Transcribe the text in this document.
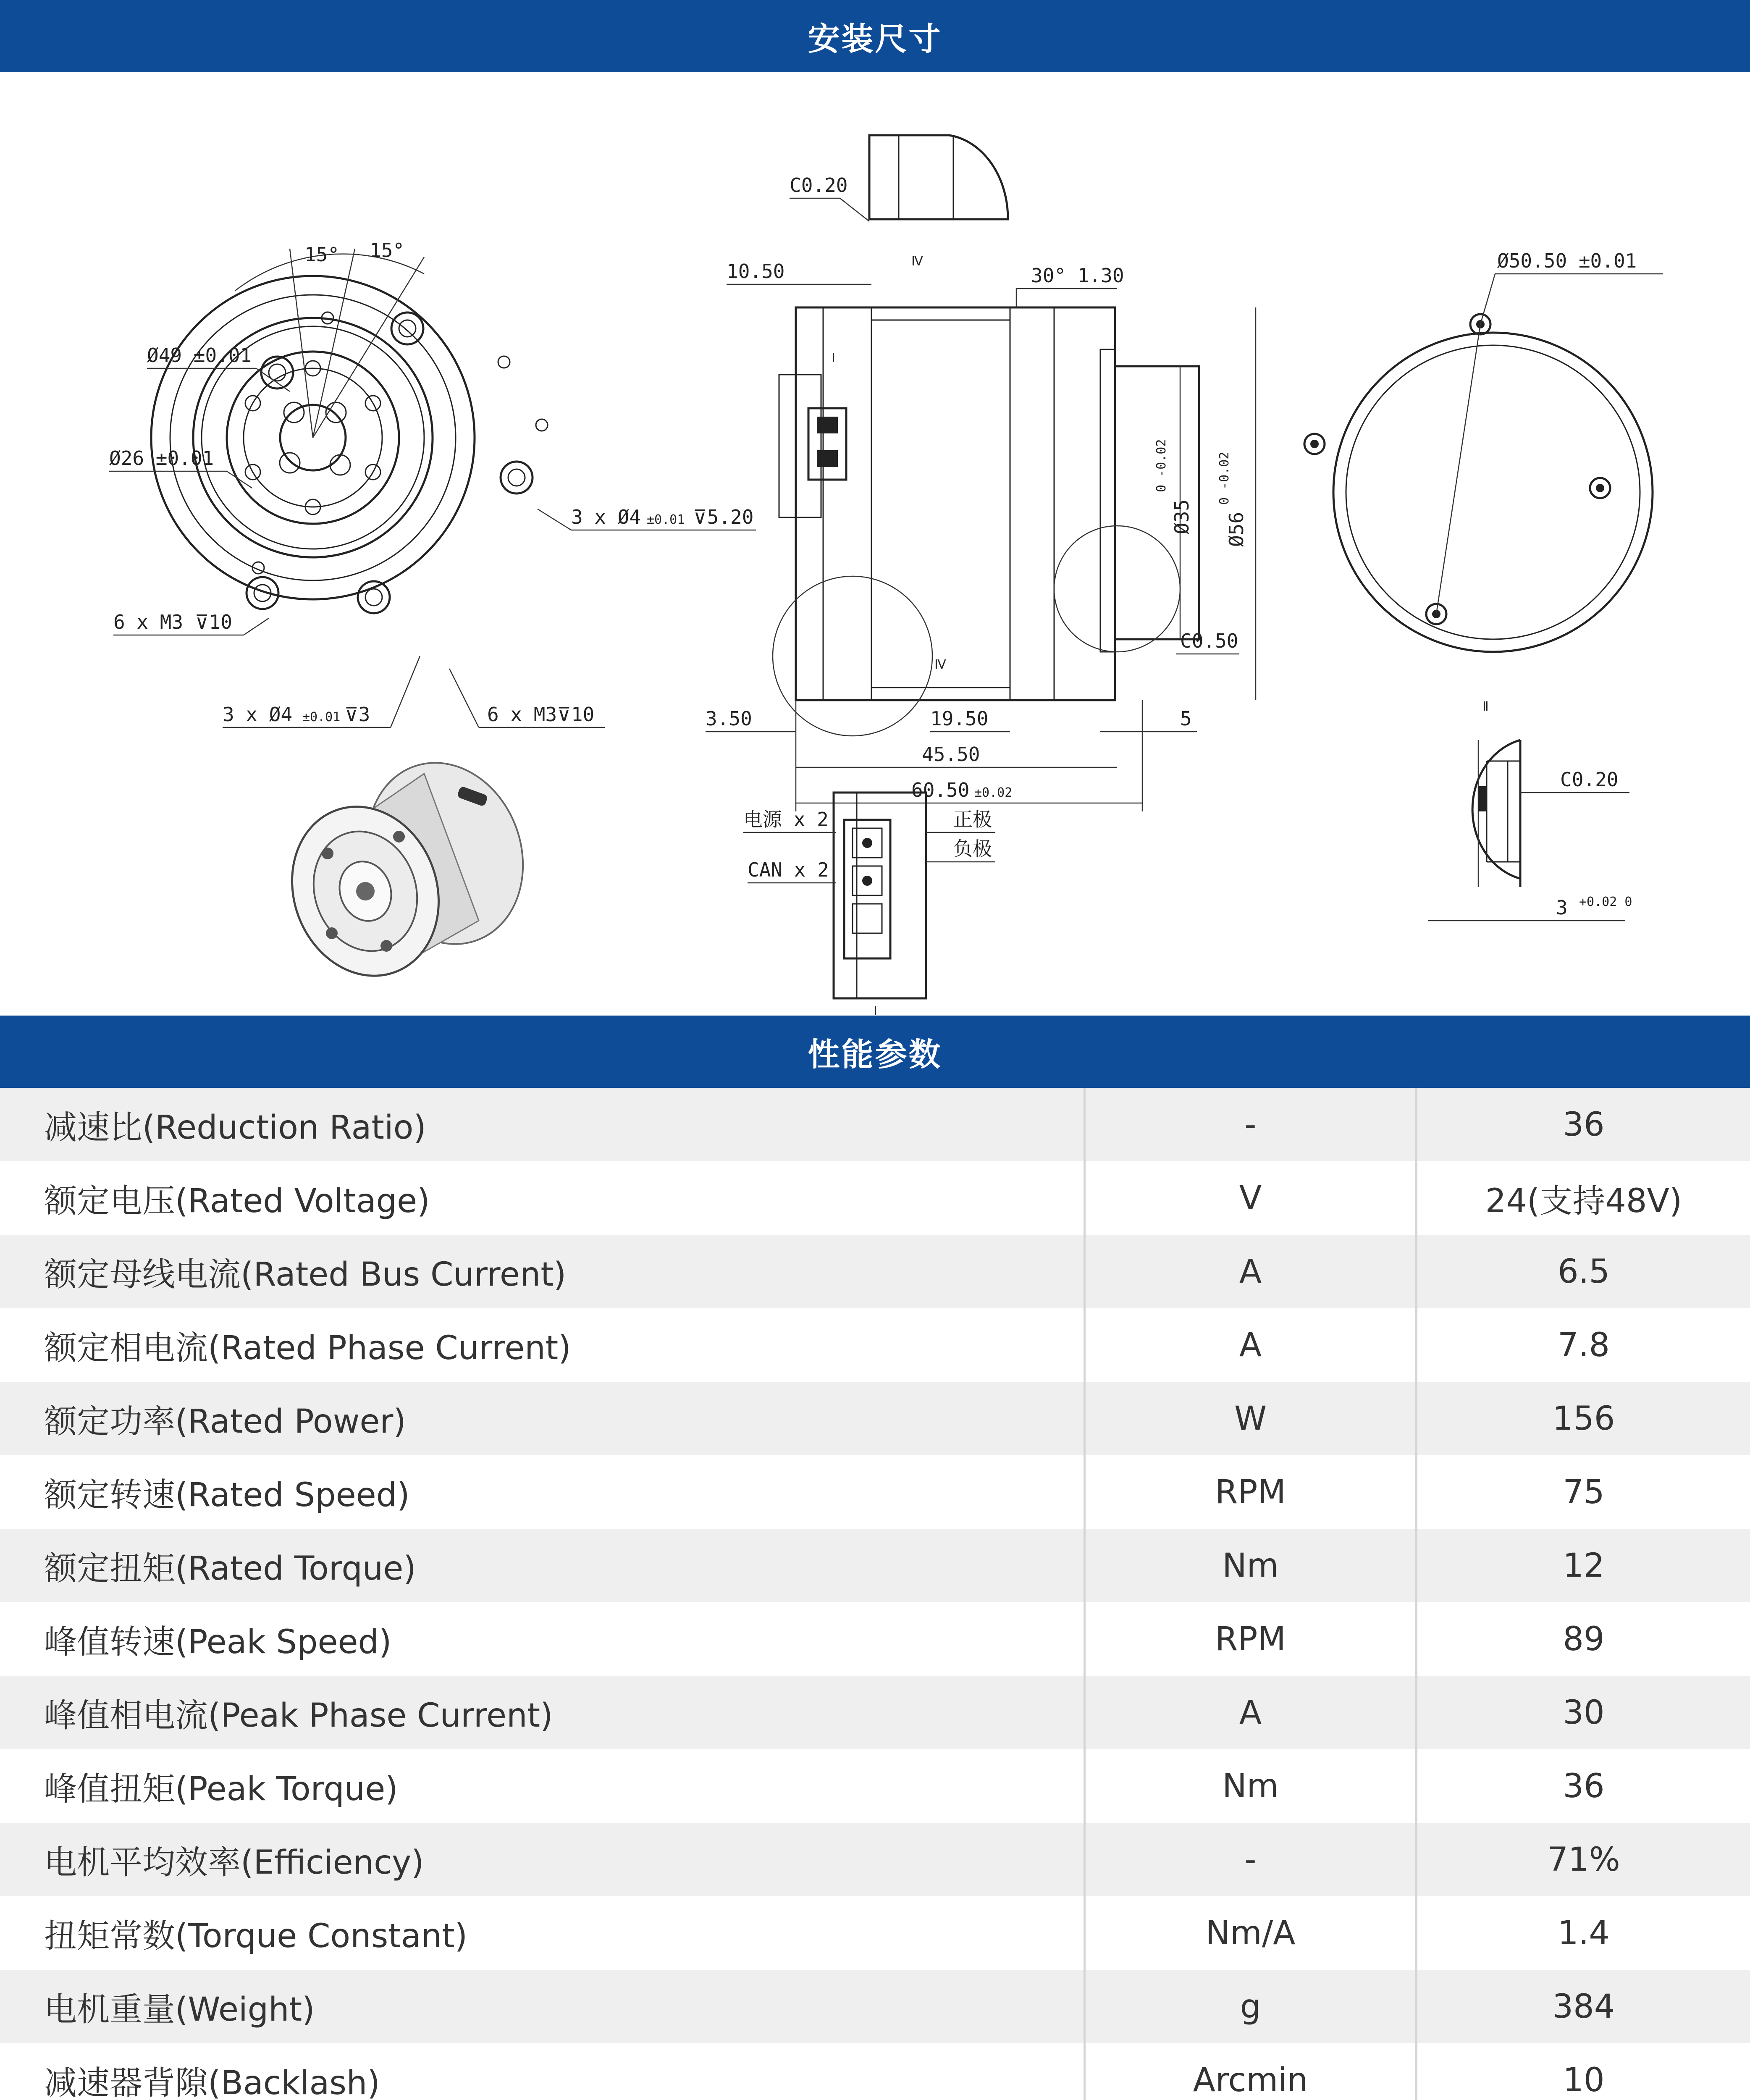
安装尺寸
15° 15°
Ø49 ±0.01
Ø26 ±0.01
6 x M3 ⊽10
3 x Ø4 ±0.01 ⊽5.20
3 x Ø4 ±0.01 ⊽3	6 x M3⊽10
C0.20
10.50	Ⅳ
Ⅰ
30° 1.30
Ø35
0 -0.02
Ø56
0 -0.02
C0.50
Ⅳ
3.50	19.50	5
45.50
60.50 ±0.02
电源 x 2
CAN x 2
正极
负极
Ⅰ
Ø50.50 ±0.01
Ⅱ
C0.20
3 +0.02 0
性能参数
减速比(Reduction Ratio)	-	36
额定电压(Rated Voltage)	V	24(支持48V)
额定母线电流(Rated Bus Current)	A	6.5
额定相电流(Rated Phase Current)	A	7.8
额定功率(Rated Power)	W	156
额定转速(Rated Speed)	RPM	75
额定扭矩(Rated Torque)	Nm	12
峰值转速(Peak Speed)	RPM	89
峰值相电流(Peak Phase Current)	A	30
峰值扭矩(Peak Torque)	Nm	36
电机平均效率(Efficiency)	-	71%
扭矩常数(Torque Constant)	Nm/A	1.4
电机重量(Weight)	g	384
减速器背隙(Backlash)	Arcmin	10
